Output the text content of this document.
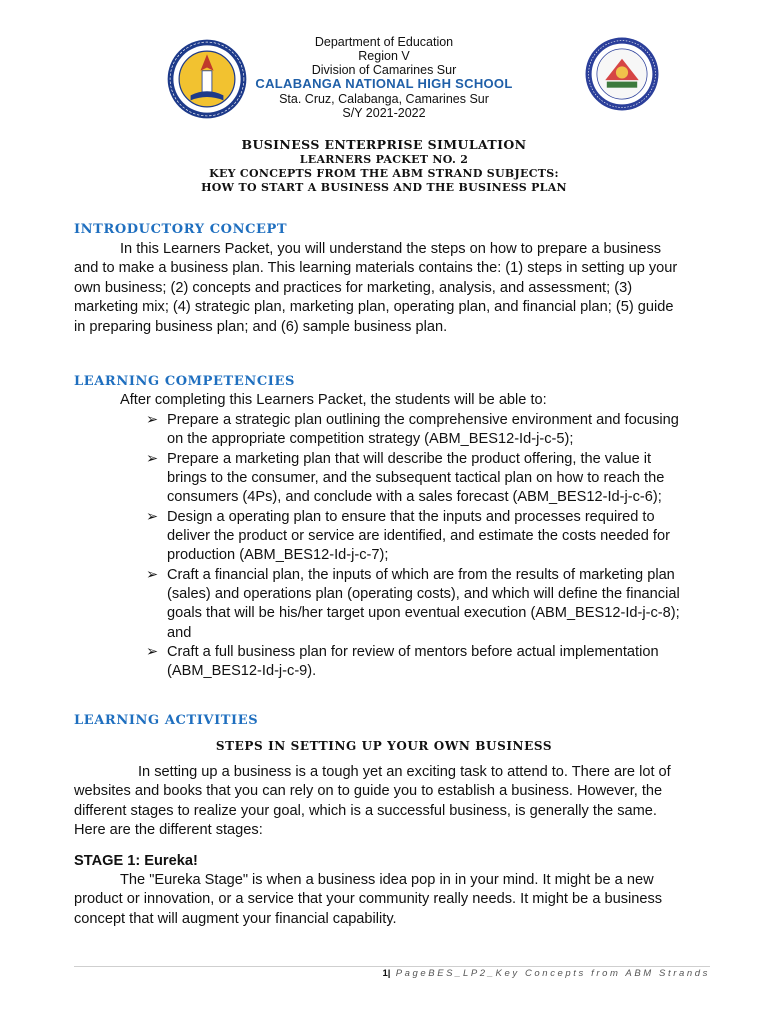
Department of Education
Region V
Division of Camarines Sur
CALABANGA NATIONAL HIGH SCHOOL
Sta. Cruz, Calabanga, Camarines Sur
S/Y 2021-2022
BUSINESS ENTERPRISE SIMULATION
LEARNERS PACKET NO. 2
KEY CONCEPTS FROM THE ABM STRAND SUBJECTS:
HOW TO START A BUSINESS AND THE BUSINESS PLAN
INTRODUCTORY CONCEPT
In this Learners Packet, you will understand the steps on how to prepare a business
and to make a business plan. This learning materials contains the: (1) steps in setting up your
own business; (2) concepts and practices for marketing, analysis, and assessment; (3)
marketing mix; (4) strategic plan, marketing plan, operating plan, and financial plan; (5) guide
in preparing business plan; and (6) sample business plan.
LEARNING COMPETENCIES
After completing this Learners Packet, the students will be able to:
➢ Prepare a strategic plan outlining the comprehensive environment and focusing
on the appropriate competition strategy (ABM_BES12-Id-j-c-5);
➢ Prepare a marketing plan that will describe the product offering, the value it
brings to the consumer, and the subsequent tactical plan on how to reach the
consumers (4Ps), and conclude with a sales forecast (ABM_BES12-Id-j-c-6);
➢ Design a operating plan to ensure that the inputs and processes required to
deliver the product or service are identified, and estimate the costs needed for
production (ABM_BES12-Id-j-c-7);
➢ Craft a financial plan, the inputs of which are from the results of marketing plan
(sales) and operations plan (operating costs), and which will define the financial
goals that will be his/her target upon eventual execution (ABM_BES12-Id-j-c-8);
and
➢ Craft a full business plan for review of mentors before actual implementation
(ABM_BES12-Id-j-c-9).
LEARNING ACTIVITIES
STEPS IN SETTING UP YOUR OWN BUSINESS
In setting up a business is a tough yet an exciting task to attend to. There are lot of
websites and books that you can rely on to guide you to establish a business. However, the
different stages to realize your goal, which is a successful business, is generally the same.
Here are the different stages:
STAGE 1: Eureka!
The "Eureka Stage" is when a business idea pop in in your mind. It might be a new
product or innovation, or a service that your community really needs. It might be a business
concept that will augment your financial capability.
1| PageBES_LP2_Key Concepts from ABM Strands
